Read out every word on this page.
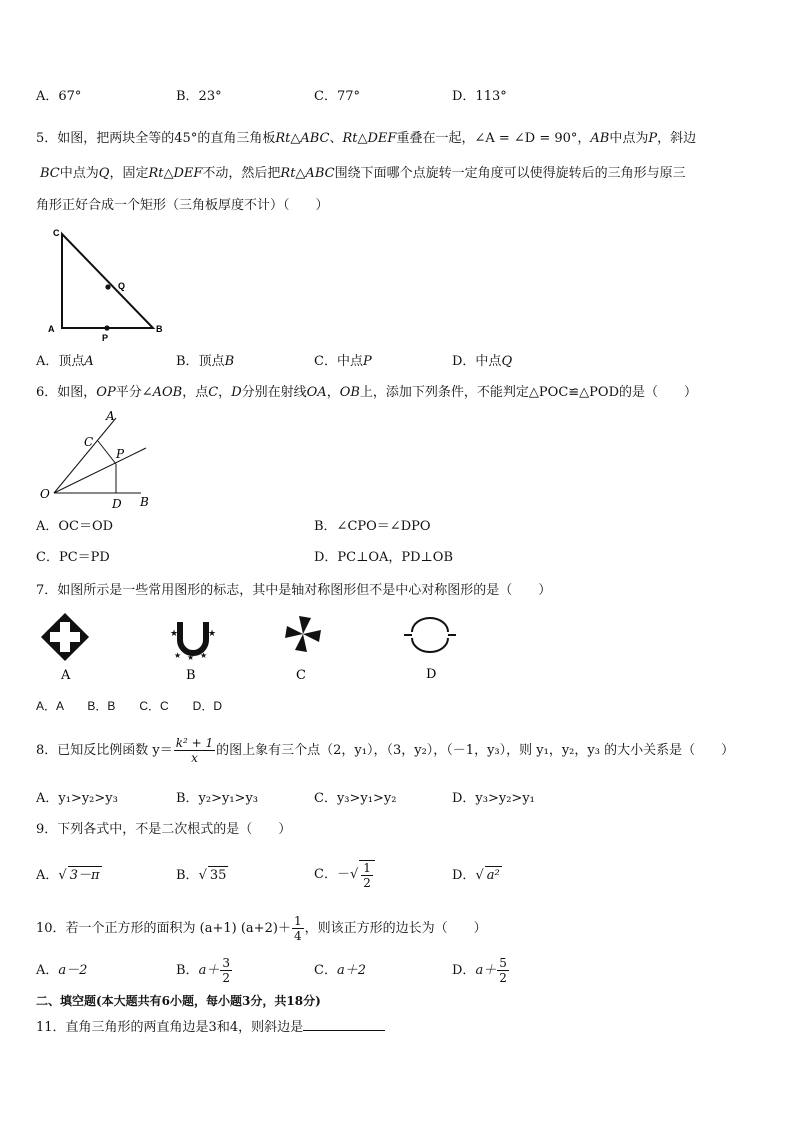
A．67°	B．23°	C．77°	D．113°
5．如图，把两块全等的45°的直角三角板Rt△ABC、Rt△DEF重叠在一起，∠A = ∠D = 90°，AB中点为P，斜边
BC中点为Q，固定Rt△DEF不动，然后把Rt△ABC围绕下面哪个点旋转一定角度可以使得旋转后的三角形与原三
角形正好合成一个矩形（三角板厚度不计）（　　）
C
Q
A
P
B
A．顶点A	B．顶点B	C．中点P	D．中点Q
6．如图，OP平分∠AOB，点C，D分别在射线OA，OB上，添加下列条件，不能判定△POC≌△POD的是（　　）
A
C
P
O
D B
A．OC＝OD	B．∠CPO＝∠DPO
C．PC＝PD	D．PC⊥OA，PD⊥OB
7．如图所示是一些常用图形的标志，其中是轴对称图形但不是中心对称图形的是（　　）
★	★
★ ★ ★
A	B	C	D
A．A　　B．B　　C．C　　D．D
8．已知反比例函数 $y= \frac{\text{k² + 1}}{x}$ 的图上象有三个点（2，y₁），（3，y₂），（－1，y₃），则 y₁，y₂，y₃ 的大小关系是（　　）
A．y₁>y₂>y₃	B．y₂>y₁>y₃	C．y₃>y₁>y₂	D．y₃>y₂>y₁
9．下列各式中，不是二次根式的是（　　）
A．√ 3－π	B．√ 35	C．－√ $\frac{1}{2}$	D．√ a²
10．若一个正方形的面积为 (a+1) $(a+2)+ \frac{1}{4}$ ，则该正方形的边长为（　　）
A．a－2	B．$a+ \frac{3}{2}$	C．a＋2	D．$a+ \frac{5}{2}$
二、填空题(本大题共有6小题，每小题3分，共18分)
11．直角三角形的两直角边是3和4，则斜边是
